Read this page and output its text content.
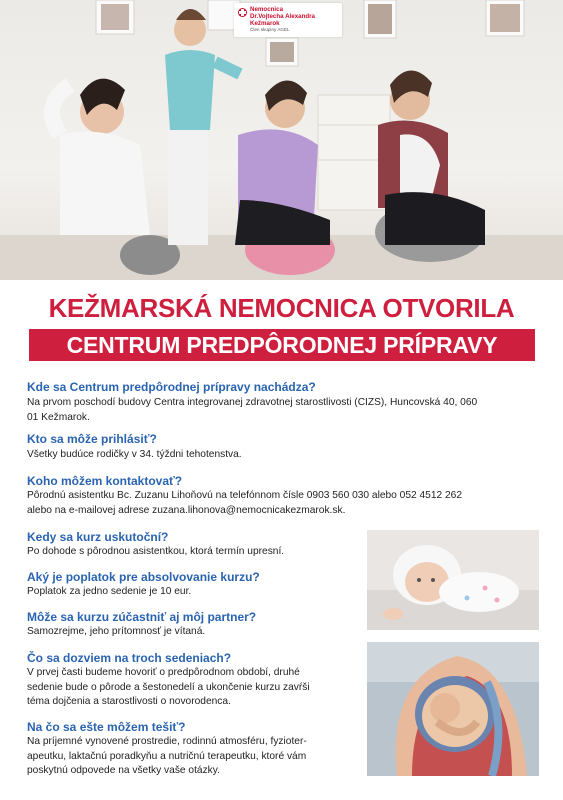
Nemocnica
Dr.Vojtecha Alexandra
Kežmarok
Člen skupiny AGEL
KEŽMARSKÁ NEMOCNICA OTVORILA
CENTRUM PREDPÔRODNEJ PRÍPRAVY
Kde sa Centrum predpôrodnej prípravy nachádza?
Na prvom poschodí budovy Centra integrovanej zdravotnej starostlivosti (CIZS), Huncovská 40, 060
01 Kežmarok.
Kto sa môže prihlásiť?
Všetky budúce rodičky v 34. týždni tehotenstva.
Koho môžem kontaktovať?
Pôrodnú asistentku Bc. Zuzanu Lihoňovú na telefónnom čísle 0903 560 030 alebo 052 4512 262
alebo na e-mailovej adrese zuzana.lihonova@nemocnicakezmarok.sk.
Kedy sa kurz uskutoční?
Po dohode s pôrodnou asistentkou, ktorá termín upresní.
Aký je poplatok pre absolvovanie kurzu?
Poplatok za jedno sedenie je 10 eur.
Môže sa kurzu zúčastniť aj môj partner?
Samozrejme, jeho prítomnosť je vítaná.
Čo sa dozviem na troch sedeniach?
V prvej časti budeme hovoriť o predpôrodnom období, druhé
sedenie bude o pôrode a šestonedelí a ukončenie kurzu zavŕši
téma dojčenia a starostlivosti o novorodenca.
Na čo sa ešte môžem tešiť?
Na príjemné vynovené prostredie, rodinnú atmosféru, fyzioter-
apeutku, laktačnú poradkyňu a nutričnú terapeutku, ktoré vám
poskytnú odpovede na všetky vaše otázky.
